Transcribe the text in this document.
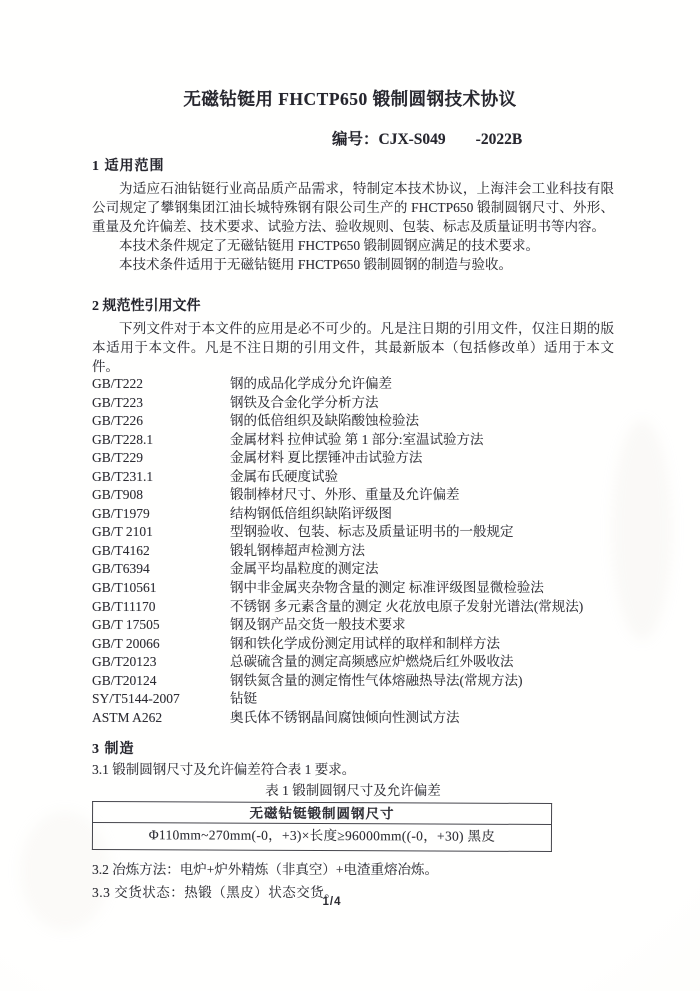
无磁钻铤用 FHCTP650 锻制圆钢技术协议
编号：CJX-S049 -2022B
1 适用范围
为适应石油钻铤行业高品质产品需求，特制定本技术协议，上海沣会工业科技有限公司规定了攀钢集团江油长城特殊钢有限公司生产的 FHCTP650 锻制圆钢尺寸、外形、重量及允许偏差、技术要求、试验方法、验收规则、包装、标志及质量证明书等内容。
本技术条件规定了无磁钻铤用 FHCTP650 锻制圆钢应满足的技术要求。
本技术条件适用于无磁钻铤用 FHCTP650 锻制圆钢的制造与验收。
2 规范性引用文件
下列文件对于本文件的应用是必不可少的。凡是注日期的引用文件，仅注日期的版本适用于本文件。凡是不注日期的引用文件，其最新版本（包括修改单）适用于本文件。
GB/T222	钢的成品化学成分允许偏差
GB/T223	钢铁及合金化学分析方法
GB/T226	钢的低倍组织及缺陷酸蚀检验法
GB/T228.1	金属材料 拉伸试验 第 1 部分:室温试验方法
GB/T229	金属材料 夏比摆锤冲击试验方法
GB/T231.1	金属布氏硬度试验
GB/T908	锻制棒材尺寸、外形、重量及允许偏差
GB/T1979	结构钢低倍组织缺陷评级图
GB/T 2101	型钢验收、包装、标志及质量证明书的一般规定
GB/T4162	锻轧钢棒超声检测方法
GB/T6394	金属平均晶粒度的测定法
GB/T10561	钢中非金属夹杂物含量的测定 标准评级图显微检验法
GB/T11170	不锈钢 多元素含量的测定 火花放电原子发射光谱法(常规法)
GB/T 17505	钢及钢产品交货一般技术要求
GB/T 20066	钢和铁化学成份测定用试样的取样和制样方法
GB/T20123	总碳硫含量的测定高频感应炉燃烧后红外吸收法
GB/T20124	钢铁氮含量的测定惰性气体熔融热导法(常规方法)
SY/T5144-2007	钻铤
ASTM A262	奥氏体不锈钢晶间腐蚀倾向性测试方法
3 制造
3.1 锻制圆钢尺寸及允许偏差符合表 1 要求。
表 1 锻制圆钢尺寸及允许偏差
无磁钻铤锻制圆钢尺寸
Φ110mm~270mm(-0，+3)×长度≥96000mm((-0，+30) 黑皮
3.2 冶炼方法：电炉+炉外精炼（非真空）+电渣重熔冶炼。
3.3 交货状态：热锻（黑皮）状态交货。
1/4
